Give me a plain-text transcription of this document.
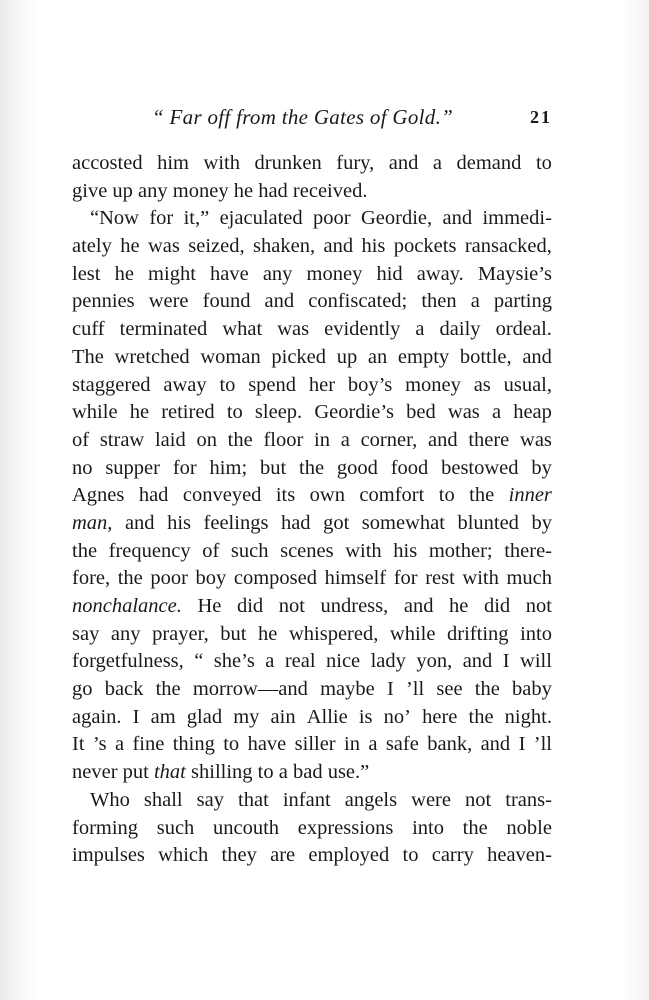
“ Far off from the Gates of Gold.”	21
accosted him with drunken fury, and a demand to
give up any money he had received.
“Now for it,” ejaculated poor Geordie, and immedi-
ately he was seized, shaken, and his pockets ransacked,
lest he might have any money hid away. Maysie’s
pennies were found and confiscated; then a parting
cuff terminated what was evidently a daily ordeal.
The wretched woman picked up an empty bottle, and
staggered away to spend her boy’s money as usual,
while he retired to sleep. Geordie’s bed was a heap
of straw laid on the floor in a corner, and there was
no supper for him; but the good food bestowed by
Agnes had conveyed its own comfort to the inner
man, and his feelings had got somewhat blunted by
the frequency of such scenes with his mother; there-
fore, the poor boy composed himself for rest with much
nonchalance. He did not undress, and he did not
say any prayer, but he whispered, while drifting into
forgetfulness, “ she’s a real nice lady yon, and I will
go back the morrow—and maybe I ’ll see the baby
again. I am glad my ain Allie is no’ here the night.
It ’s a fine thing to have siller in a safe bank, and I ’ll
never put that shilling to a bad use.”
Who shall say that infant angels were not trans-
forming such uncouth expressions into the noble
impulses which they are employed to carry heaven-
